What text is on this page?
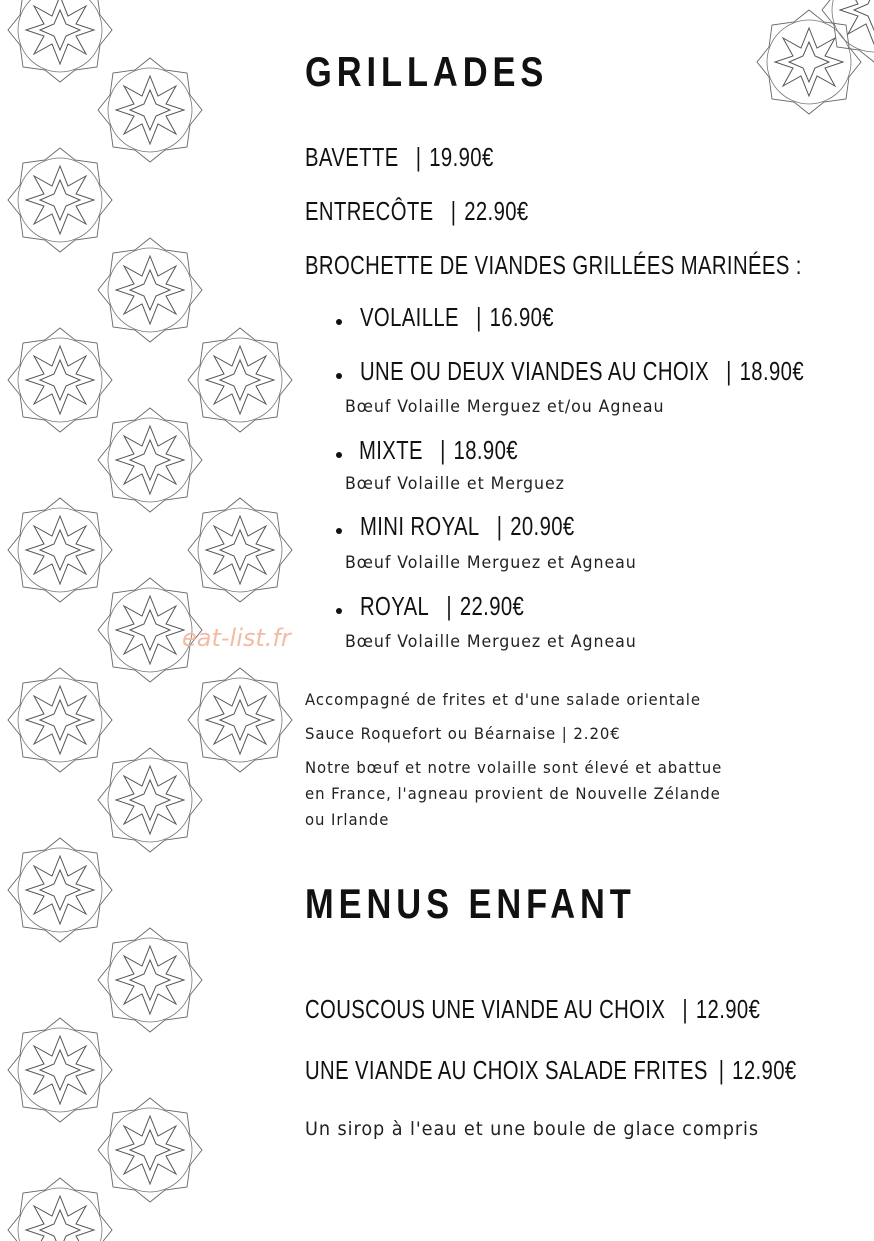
eat-list.fr
GRILLADES
BAVETTE | 19.90€
ENTRECÔTE | 22.90€
BROCHETTE DE VIANDES GRILLÉES MARINÉES :
VOLAILLE | 16.90€
UNE OU DEUX VIANDES AU CHOIX | 18.90€
Bœuf Volaille Merguez et/ou Agneau
MIXTE | 18.90€
Bœuf Volaille et Merguez
MINI ROYAL | 20.90€
Bœuf Volaille Merguez et Agneau
ROYAL | 22.90€
Bœuf Volaille Merguez et Agneau
Accompagné de frites et d'une salade orientale
Sauce Roquefort ou Béarnaise | 2.20€
Notre bœuf et notre volaille sont élevé et abattue
en France, l'agneau provient de Nouvelle Zélande
ou Irlande
MENUS ENFANT
COUSCOUS UNE VIANDE AU CHOIX | 12.90€
UNE VIANDE AU CHOIX SALADE FRITES | 12.90€
Un sirop à l'eau et une boule de glace compris
